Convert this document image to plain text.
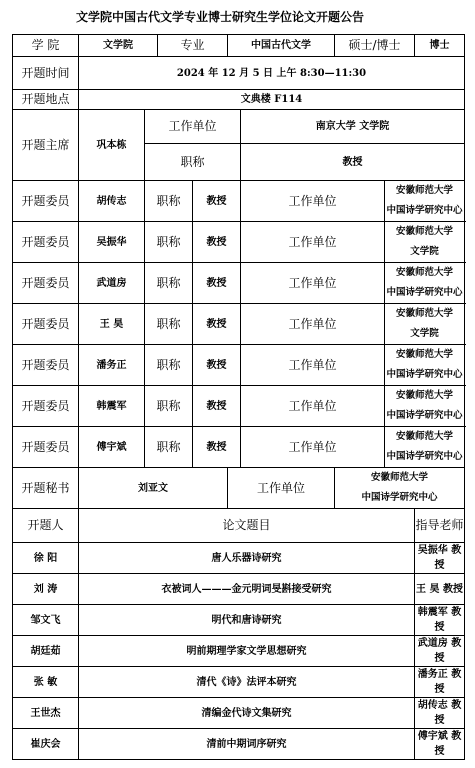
文学院中国古代文学专业博士研究生学位论文开题公告
学 院	文学院		专业		中国古代文学		硕士/博士		博士
开题时间	2024 年 12 月 5 日 上午 8:30—11:30								
开题地点	文典楼 F114								
开题主席	巩本栋	工作单位				南京大学 文学院			
		职称				教授			
开题委员	胡传志	职称		教授		工作单位		安徽师范大学
中国诗学研究中心	

开题委员	吴振华	职称		教授		工作单位		安徽师范大学
文学院	

开题委员	武道房	职称		教授		工作单位		安徽师范大学
中国诗学研究中心	

开题委员	王 昊	职称		教授		工作单位		安徽师范大学
文学院	

开题委员	潘务正	职称		教授		工作单位		安徽师范大学
中国诗学研究中心	

开题委员	韩震军	职称		教授		工作单位		安徽师范大学
中国诗学研究中心	

开题委员	傅宇斌	职称		教授		工作单位		安徽师范大学
中国诗学研究中心	

开题秘书	刘亚文				工作单位		安徽师范大学
中国诗学研究中心		

开题人	论文题目								指导老师
徐 阳	唐人乐器诗研究								吴振华 教授
刘 涛	衣被词人———金元明词旻斟接受研究								王 昊 教授
邹文飞	明代和唐诗研究								韩震军 教授
胡廷茹	明前期理学家文学思想研究								武道房 教授
张 敏	清代《诗》法评本研究								潘务正 教授
王世杰	清编金代诗文集研究								胡传志 教授
崔庆会	清前中期词序研究								傅宇斌 教授
